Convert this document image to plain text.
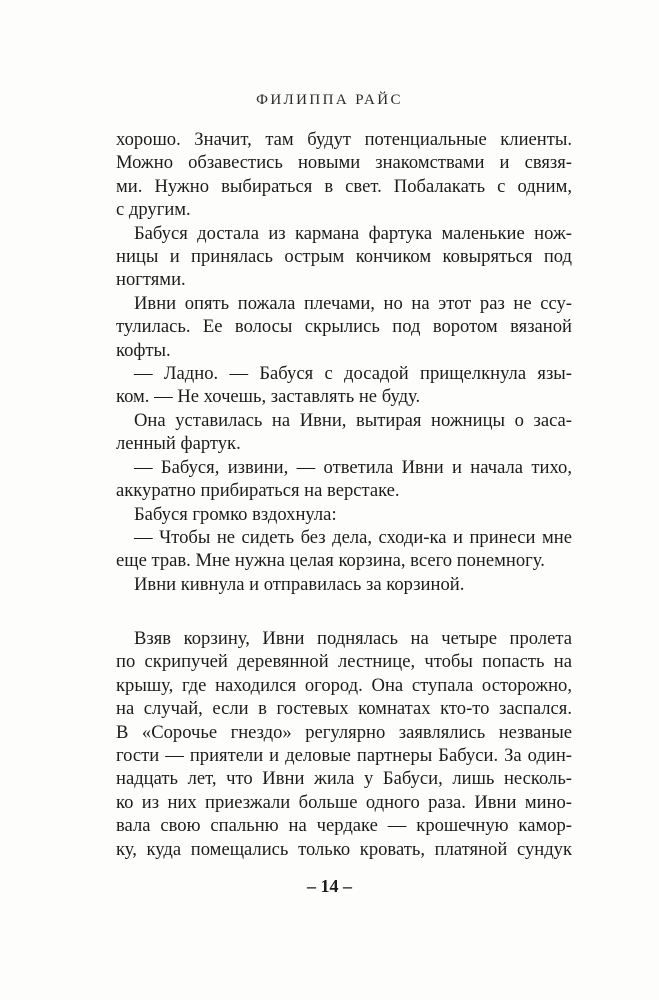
ФИЛИППА РАЙС
хорошо. Значит, там будут потенциальные клиенты.
Можно обзавестись новыми знакомствами и связя-
ми. Нужно выбираться в свет. Побалакать с одним,
с другим.
Бабуся достала из кармана фартука маленькие нож-
ницы и принялась острым кончиком ковыряться под
ногтями.
Ивни опять пожала плечами, но на этот раз не ссу-
тулилась. Ее волосы скрылись под воротом вязаной
кофты.
— Ладно. — Бабуся с досадой прищелкнула язы-
ком. — Не хочешь, заставлять не буду.
Она уставилась на Ивни, вытирая ножницы о заса-
ленный фартук.
— Бабуся, извини, — ответила Ивни и начала тихо,
аккуратно прибираться на верстаке.
Бабуся громко вздохнула:
— Чтобы не сидеть без дела, сходи-ка и принеси мне
еще трав. Мне нужна целая корзина, всего понемногу.
Ивни кивнула и отправилась за корзиной.
Взяв корзину, Ивни поднялась на четыре пролета
по скрипучей деревянной лестнице, чтобы попасть на
крышу, где находился огород. Она ступала осторожно,
на случай, если в гостевых комнатах кто-то заспался.
В «Сорочье гнездо» регулярно заявлялись незваные
гости — приятели и деловые партнеры Бабуси. За один-
надцать лет, что Ивни жила у Бабуси, лишь несколь-
ко из них приезжали больше одного раза. Ивни мино-
вала свою спальню на чердаке — крошечную камор-
ку, куда помещались только кровать, платяной сундук
– 14 –
